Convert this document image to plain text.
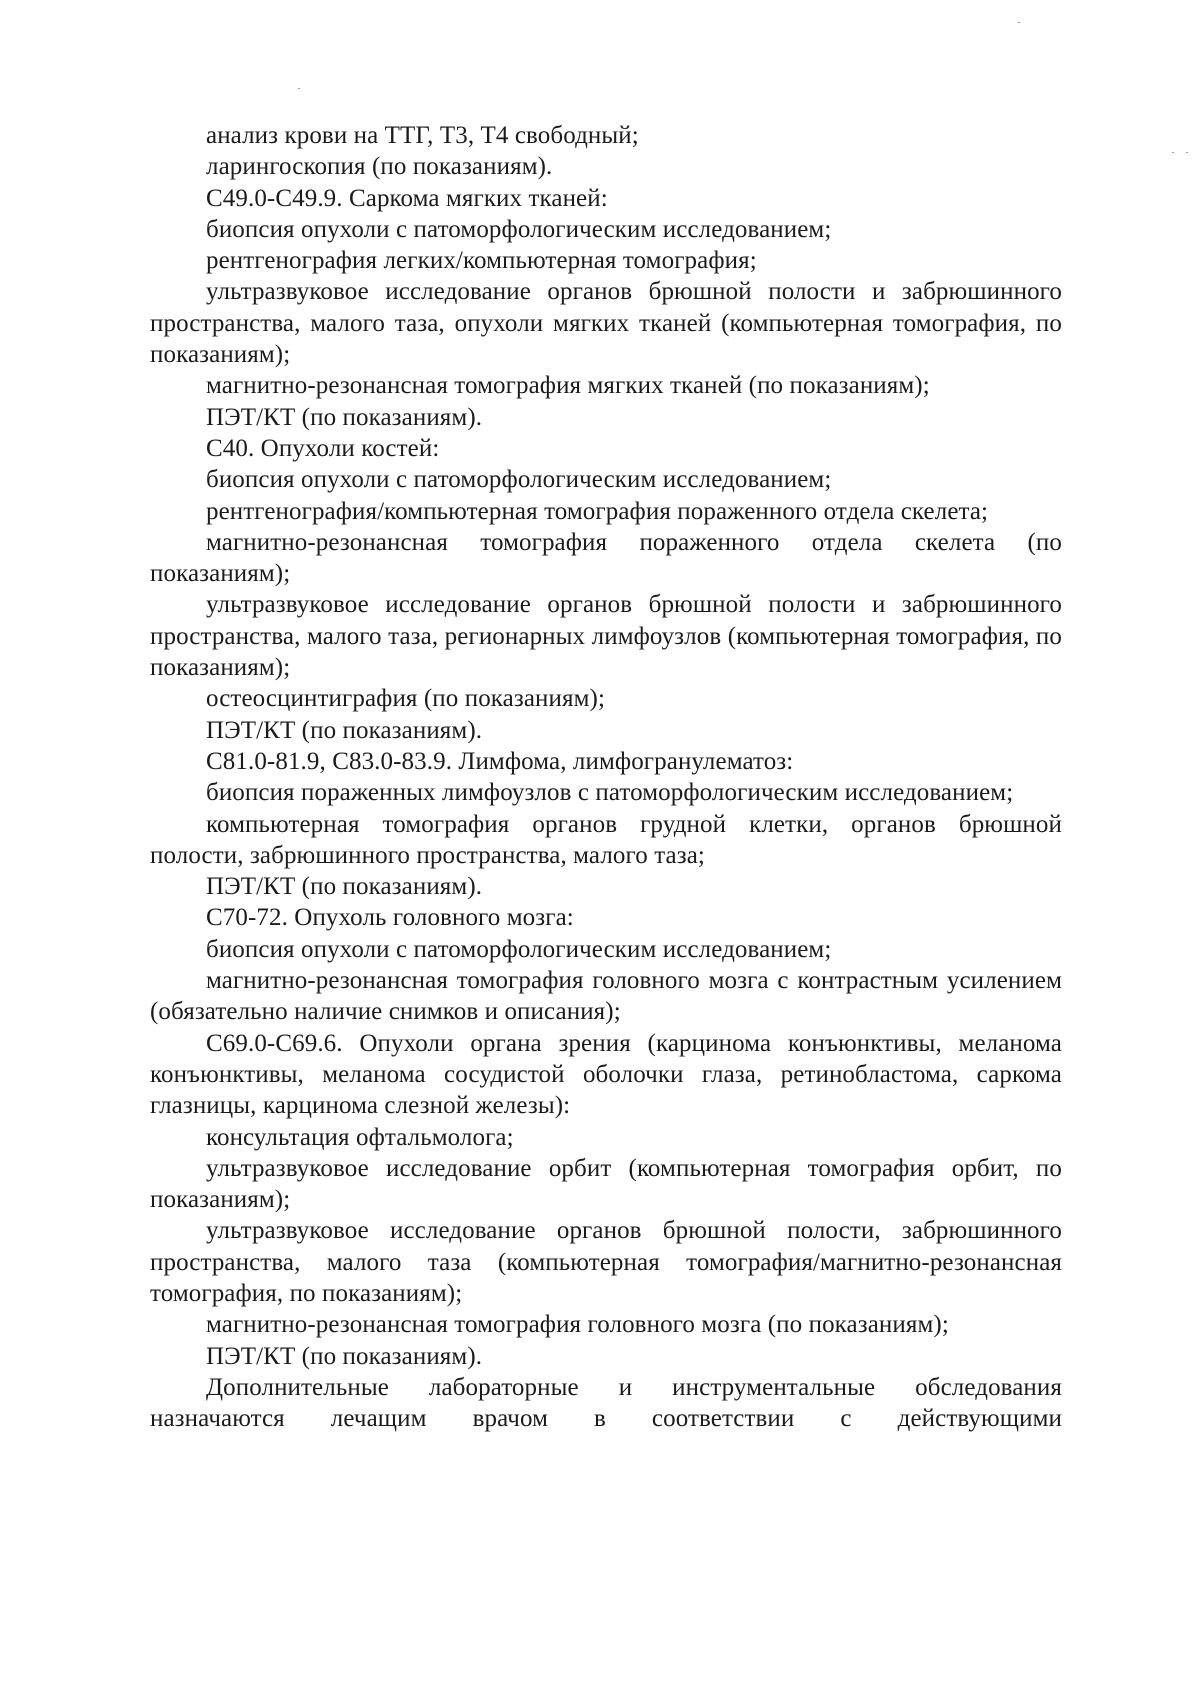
анализ крови на ТТГ, Т3, Т4 свободный;

ларингоскопия (по показаниям).

С49.0-С49.9. Саркома мягких тканей:

биопсия опухоли с патоморфологическим исследованием;

рентгенография легких/компьютерная томография;

ультразвуковое исследование органов брюшной полости и забрюшинного пространства, малого таза, опухоли мягких тканей (компьютерная томография, по показаниям);

магнитно-резонансная томография мягких тканей (по показаниям);

ПЭТ/КТ (по показаниям).

С40. Опухоли костей:

биопсия опухоли с патоморфологическим исследованием;

рентгенография/компьютерная томография пораженного отдела скелета;

магнитно-резонансная томография пораженного отдела скелета (по показаниям);

ультразвуковое исследование органов брюшной полости и забрюшинного пространства, малого таза, регионарных лимфоузлов (компьютерная томография, по показаниям);

остеосцинтиграфия (по показаниям);

ПЭТ/КТ (по показаниям).

С81.0-81.9, С83.0-83.9. Лимфома, лимфогранулематоз:

биопсия пораженных лимфоузлов с патоморфологическим исследованием;

компьютерная томография органов грудной клетки, органов брюшной полости, забрюшинного пространства, малого таза;

ПЭТ/КТ (по показаниям).

С70-72. Опухоль головного мозга:

биопсия опухоли с патоморфологическим исследованием;

магнитно-резонансная томография головного мозга с контрастным усилением (обязательно наличие снимков и описания);

С69.0-С69.6. Опухоли органа зрения (карцинома конъюнктивы, меланома конъюнктивы, меланома сосудистой оболочки глаза, ретинобластома, саркома глазницы, карцинома слезной железы):

консультация офтальмолога;

ультразвуковое исследование орбит (компьютерная томография орбит, по показаниям);

ультразвуковое исследование органов брюшной полости, забрюшинного пространства, малого таза (компьютерная томография/магнитно-резонансная томография, по показаниям);

магнитно-резонансная томография головного мозга (по показаниям);

ПЭТ/КТ (по показаниям).

Дополнительные лабораторные и инструментальные обследования назначаются лечащим врачом в соответствии с действующими
